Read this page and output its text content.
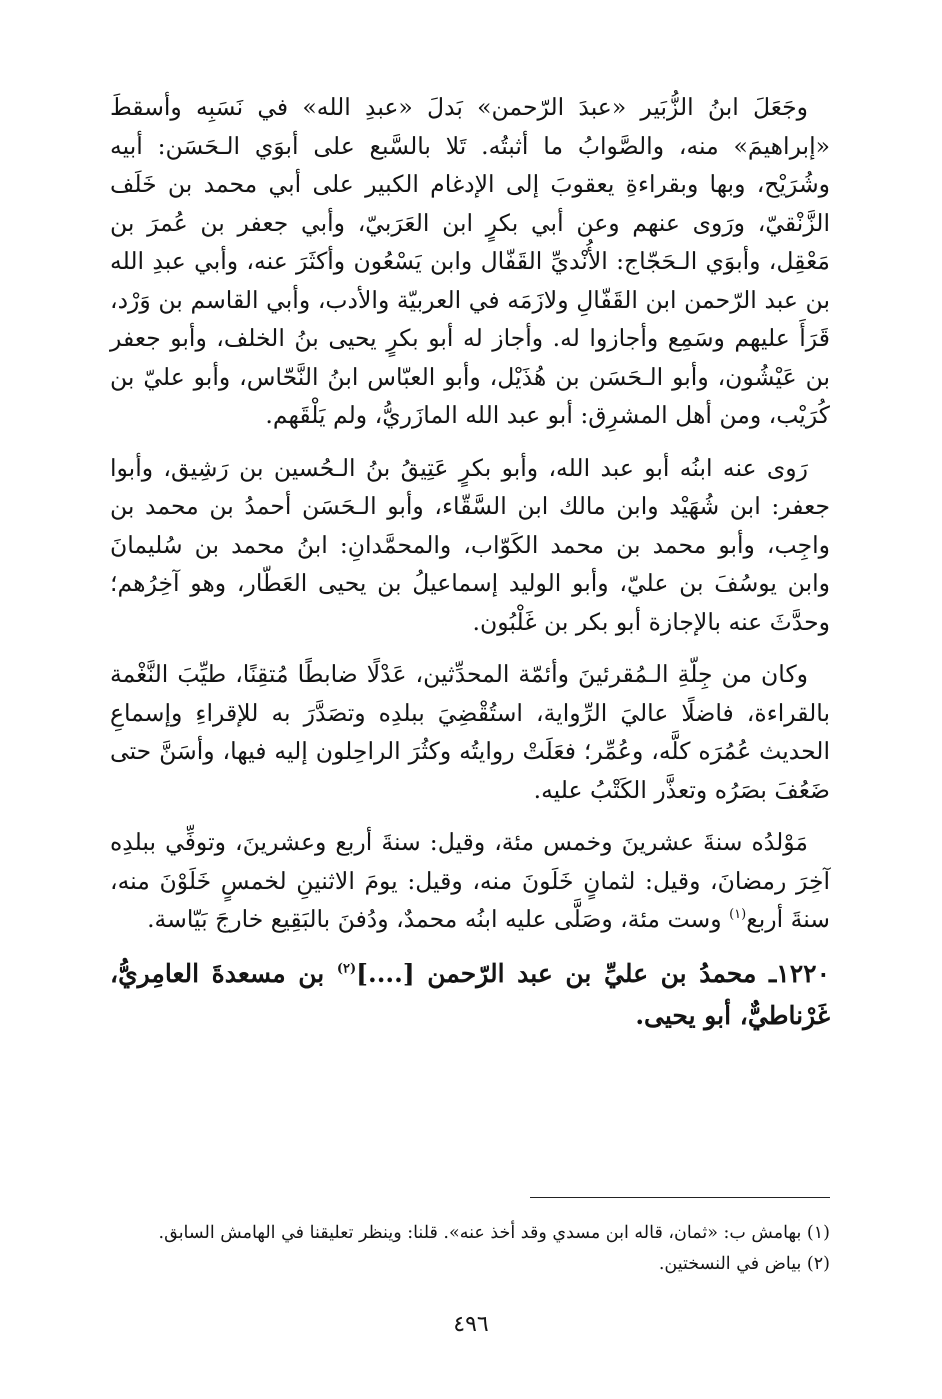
وجَعَلَ ابنُ الزُّبَير «عبدَ الرّحمن» بَدلَ «عبدِ الله» في نَسَبِه وأسقطَ «إبراهيمَ» منه، والصَّوابُ ما أثبتُه. تَلا بالسَّبع على أبوَي الـحَسَن: أبيه وشُرَيْح، وبها وبقراءةِ يعقوبَ إلى الإدغام الكبير على أبي محمد بن خَلَف الزَّنْقيّ، ورَوى عنهم وعن أبي بكرٍ ابن العَرَبيّ، وأبي جعفر بن عُمرَ بن مَعْقِل، وأبوَي الـحَجّاج: الأُنْديِّ القَفّال وابن يَسْعُون وأكثَرَ عنه، وأبي عبدِ الله بن عبد الرّحمن ابن القَفّالِ ولازَمَه في العربيّة والأدب، وأبي القاسم بن وَرْد، قَرَأَ عليهم وسَمِع وأجازوا له. وأجاز له أبو بكرٍ يحيى بنُ الخلف، وأبو جعفر بن عَيْشُون، وأبو الـحَسَن بن هُذَيْل، وأبو العبّاس ابنُ النَّحّاس، وأبو عليّ بن كُرَيْب، ومن أهل المشرِق: أبو عبد الله المازَريُّ، ولم يَلْقَهم.

رَوى عنه ابنُه أبو عبد الله، وأبو بكرٍ عَتِيقُ بنُ الـحُسين بن رَشِيق، وأبوا جعفر: ابن شُهَيْد وابن مالك ابن السَّقّاء، وأبو الـحَسَن أحمدُ بن محمد بن واجِب، وأبو محمد بن محمد الكَوّاب، والمحمَّدانِ: ابنُ محمد بن سُليمانَ وابن يوسُفَ بن عليّ، وأبو الوليد إسماعيلُ بن يحيى العَطّار، وهو آخِرُهم؛ وحدَّثَ عنه بالإجازة أبو بكر بن غَلْبُون.

وكان من جِلّةِ الـمُقرئينَ وأئمّة المحدِّثين، عَدْلًا ضابطًا مُتقِنًا، طيِّبَ النَّغْمة بالقراءة، فاضلًا عاليَ الرِّواية، استُقْضِيَ ببلدِه وتصَدَّرَ به للإقراءِ وإسماعِ الحديث عُمُرَه كلَّه، وعُمِّر؛ فعَلَتْ روايتُه وكثُرَ الراحِلون إليه فيها، وأسَنَّ حتى ضَعُفَ بصَرُه وتعذَّر الكَتْبُ عليه.

مَوْلدُه سنةَ عشرينَ وخمس مئة، وقيل: سنةَ أربع وعشرينَ، وتوفِّي ببلدِه آخِرَ رمضانَ، وقيل: لثمانٍ خَلَونَ منه، وقيل: يومَ الاثنينِ لخمسٍ خَلَوْنَ منه، سنةَ أربع$^{(١)}$ وست مئة، وصَلَّى عليه ابنُه محمدٌ، ودُفنَ بالبَقِيع خارجَ بَيّاسة.

١٢٢٠ـ محمدُ بن عليِّ بن عبد الرّحمن [....]$^{(٢)}$ بن مسعدةَ العامِريُّ، غَرْناطيٌّ، أبو يحيى.

(١) بهامش ب: «ثمان، قاله ابن مسدي وقد أخذ عنه». قلنا: وينظر تعليقنا في الهامش السابق.

(٢) بياض في النسختين.

٤٩٦
